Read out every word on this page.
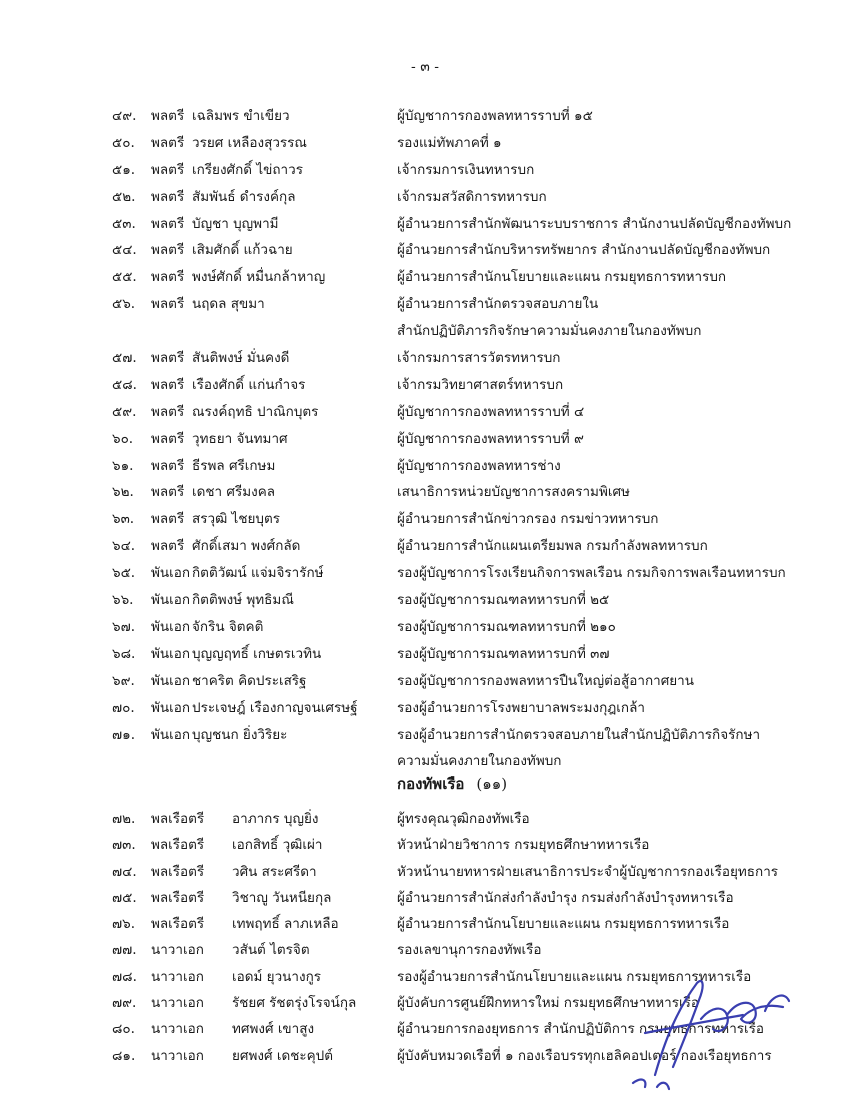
- ๓ -
๔๙. พลตรี เฉลิมพร ขำเขียว	ผู้บัญชาการกองพลทหารราบที่ ๑๕
๕๐. พลตรี วรยศ เหลืองสุวรรณ	รองแม่ทัพภาคที่ ๑
๕๑. พลตรี เกรียงศักดิ์ ไข่ถาวร	เจ้ากรมการเงินทหารบก
๕๒. พลตรี สัมพันธ์ ดำรงค์กุล	เจ้ากรมสวัสดิการทหารบก
๕๓. พลตรี บัญชา บุญพามี	ผู้อำนวยการสำนักพัฒนาระบบราชการ สำนักงานปลัดบัญชีกองทัพบก
๕๔. พลตรี เสิมศักดิ์ แก้วฉาย	ผู้อำนวยการสำนักบริหารทรัพยากร สำนักงานปลัดบัญชีกองทัพบก
๕๕. พลตรี พงษ์ศักดิ์ หมื่นกล้าหาญ	ผู้อำนวยการสำนักนโยบายและแผน กรมยุทธการทหารบก
๕๖. พลตรี นฤดล สุขมา	ผู้อำนวยการสำนักตรวจสอบภายใน
สำนักปฏิบัติภารกิจรักษาความมั่นคงภายในกองทัพบก
๕๗. พลตรี สันติพงษ์ มั่นคงดี	เจ้ากรมการสารวัตรทหารบก
๕๘. พลตรี เรืองศักดิ์ แก่นกำจร	เจ้ากรมวิทยาศาสตร์ทหารบก
๕๙. พลตรี ณรงค์ฤทธิ ปาณิกบุตร	ผู้บัญชาการกองพลทหารราบที่ ๔
๖๐. พลตรี วุทธยา จันทมาศ	ผู้บัญชาการกองพลทหารราบที่ ๙
๖๑. พลตรี ธีรพล ศรีเกษม	ผู้บัญชาการกองพลทหารช่าง
๖๒. พลตรี เดชา ศรีมงคล	เสนาธิการหน่วยบัญชาการสงครามพิเศษ
๖๓. พลตรี สรวุฒิ ไชยบุตร	ผู้อำนวยการสำนักข่าวกรอง กรมข่าวทหารบก
๖๔. พลตรี ศักดิ์เสมา พงศ์กลัด	ผู้อำนวยการสำนักแผนเตรียมพล กรมกำลังพลทหารบก
๖๕. พันเอก กิตติวัฒน์ แจ่มจิรารักษ์	รองผู้บัญชาการโรงเรียนกิจการพลเรือน กรมกิจการพลเรือนทหารบก
๖๖. พันเอก กิตติพงษ์ พุทธิมณี	รองผู้บัญชาการมณฑลทหารบกที่ ๒๕
๖๗. พันเอก จักริน จิตคติ	รองผู้บัญชาการมณฑลทหารบกที่ ๒๑๐
๖๘. พันเอก บุญญฤทธิ์ เกษตรเวทิน	รองผู้บัญชาการมณฑลทหารบกที่ ๓๗
๖๙. พันเอก ชาคริต คิดประเสริฐ	รองผู้บัญชาการกองพลทหารปืนใหญ่ต่อสู้อากาศยาน
๗๐. พันเอก ประเจษฎ์ เรืองกาญจนเศรษฐ์	รองผู้อำนวยการโรงพยาบาลพระมงกุฎเกล้า
๗๑. พันเอก บุญชนก ยิ่งวิริยะ	รองผู้อำนวยการสำนักตรวจสอบภายในสำนักปฏิบัติภารกิจรักษา
ความมั่นคงภายในกองทัพบก
กองทัพเรือ (๑๑)
๗๒. พลเรือตรี อาภากร บุญยิ่ง	ผู้ทรงคุณวุฒิกองทัพเรือ
๗๓. พลเรือตรี เอกสิทธิ์ วุฒิเผ่า	หัวหน้าฝ่ายวิชาการ กรมยุทธศึกษาทหารเรือ
๗๔. พลเรือตรี วศิน สระศรีดา	หัวหน้านายทหารฝ่ายเสนาธิการประจำผู้บัญชาการกองเรือยุทธการ
๗๕. พลเรือตรี วิชาญู วันหนียกุล	ผู้อำนวยการสำนักส่งกำลังบำรุง กรมส่งกำลังบำรุงทหารเรือ
๗๖. พลเรือตรี เทพฤทธิ์ ลาภเหลือ	ผู้อำนวยการสำนักนโยบายและแผน กรมยุทธการทหารเรือ
๗๗. นาวาเอก วสันต์ ไตรจิต	รองเลขานุการกองทัพเรือ
๗๘. นาวาเอก เอดม์ ยุวนางกูร	รองผู้อำนวยการสำนักนโยบายและแผน กรมยุทธการทหารเรือ
๗๙. นาวาเอก รัชยศ รัชตรุ่งโรจน์กุล	ผู้บังคับการศูนย์ฝึกทหารใหม่ กรมยุทธศึกษาทหารเรือ
๘๐. นาวาเอก ทศพงศ์ เขาสูง	ผู้อำนวยการกองยุทธการ สำนักปฏิบัติการ กรมยุทธการทหารเรือ
๘๑. นาวาเอก ยศพงศ์ เดชะคุปต์	ผู้บังคับหมวดเรือที่ ๑ กองเรือบรรทุกเฮลิคอปเตอร์ กองเรือยุทธการ
